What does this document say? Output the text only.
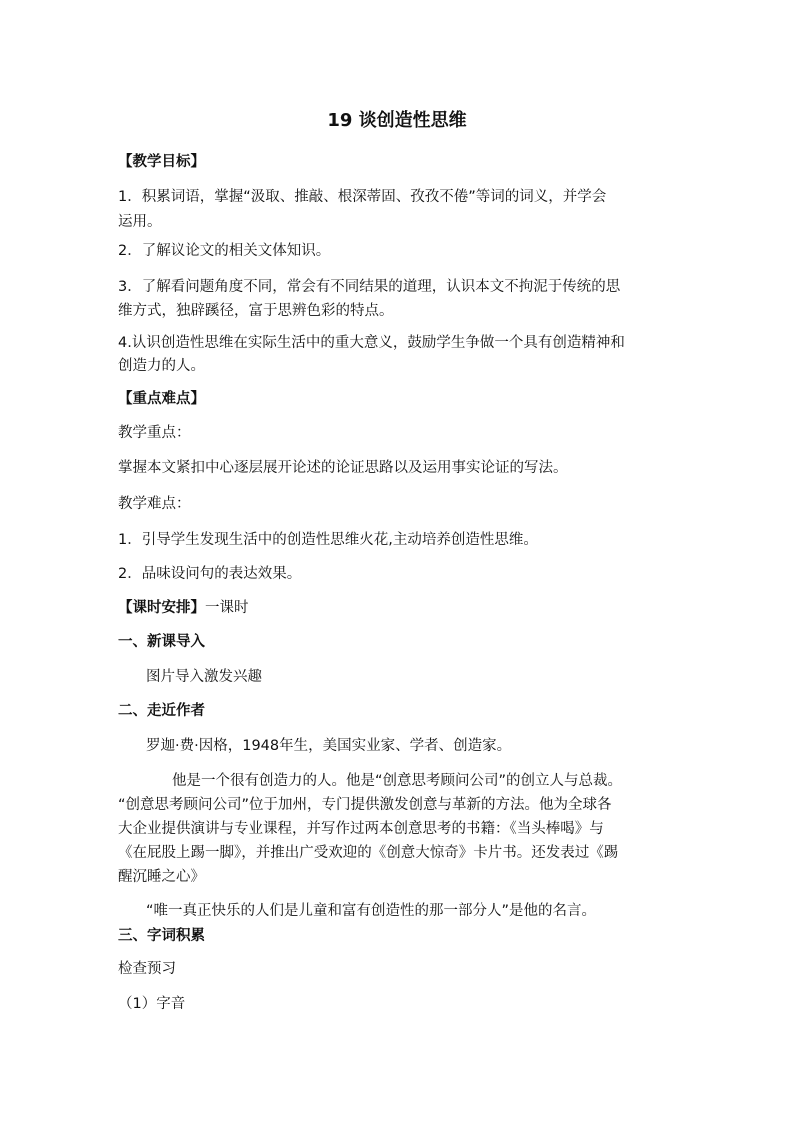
19 谈创造性思维
【教学目标】
1．积累词语，掌握“汲取、推敲、根深蒂固、孜孜不倦”等词的词义，并学会
运用。
2．了解议论文的相关文体知识。
3．了解看问题角度不同，常会有不同结果的道理，认识本文不拘泥于传统的思
维方式，独辟蹊径，富于思辨色彩的特点。
4.认识创造性思维在实际生活中的重大意义，鼓励学生争做一个具有创造精神和
创造力的人。
【重点难点】
教学重点：
掌握本文紧扣中心逐层展开论述的论证思路以及运用事实论证的写法。
教学难点：
1．引导学生发现生活中的创造性思维火花,主动培养创造性思维。
2．品味设问句的表达效果。
【课时安排】一课时
一、新课导入
图片导入激发兴趣
二、走近作者
罗迦·费·因格，1948年生，美国实业家、学者、创造家。
他是一个很有创造力的人。他是“创意思考顾问公司”的创立人与总裁。
“创意思考顾问公司”位于加州，专门提供激发创意与革新的方法。他为全球各
大企业提供演讲与专业课程，并写作过两本创意思考的书籍：《当头棒喝》与
《在屁股上踢一脚》，并推出广受欢迎的《创意大惊奇》卡片书。还发表过《踢
醒沉睡之心》
“唯一真正快乐的人们是儿童和富有创造性的那一部分人”是他的名言。
三、字词积累
检查预习
（1）字音
